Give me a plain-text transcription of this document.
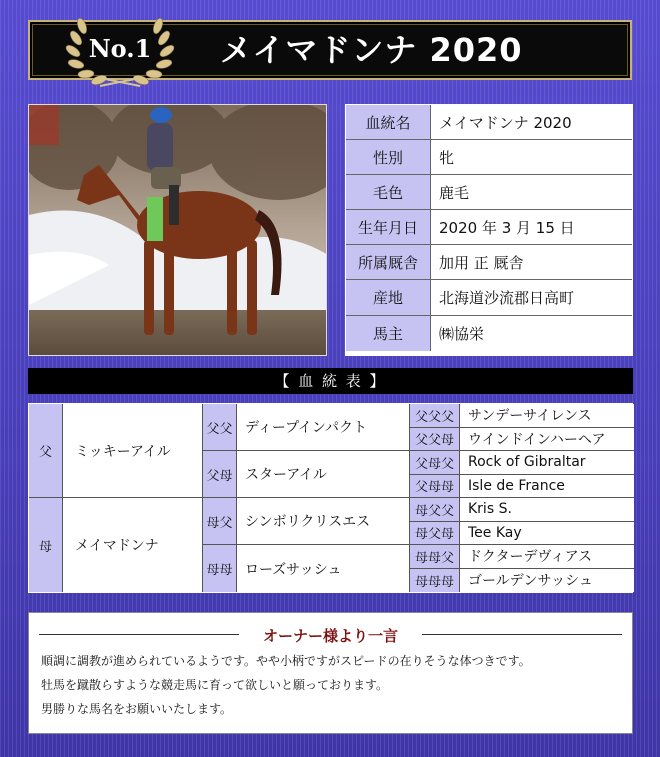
No.1 メイマドンナ 2020
血統名	メイマドンナ 2020
性別	牝
毛色	鹿毛
生年月日	2020 年 3 月 15 日
所属厩舎	加用 正 厩舎
産地	北海道沙流郡日高町
馬主	㈱協栄
【 血 統 表 】
父	ミッキーアイル
父父 ディープインパクト
父父父	サンデーサイレンス
父父母	ウインドインハーヘア
父母 スターアイル
父母父	Rock of Gibraltar
父母母	Isle de France
母	メイマドンナ
母父 シンボリクリスエス
母父父	Kris S.
母父母	Tee Kay
母母 ローズサッシュ
母母父	ドクターデヴィアス
母母母	ゴールデンサッシュ
オーナー様より一言
順調に調教が進められているようです。やや小柄ですがスピードの在りそうな体つきです。
牡馬を蹴散らすような競走馬に育って欲しいと願っております。
男勝りな馬名をお願いいたします。
